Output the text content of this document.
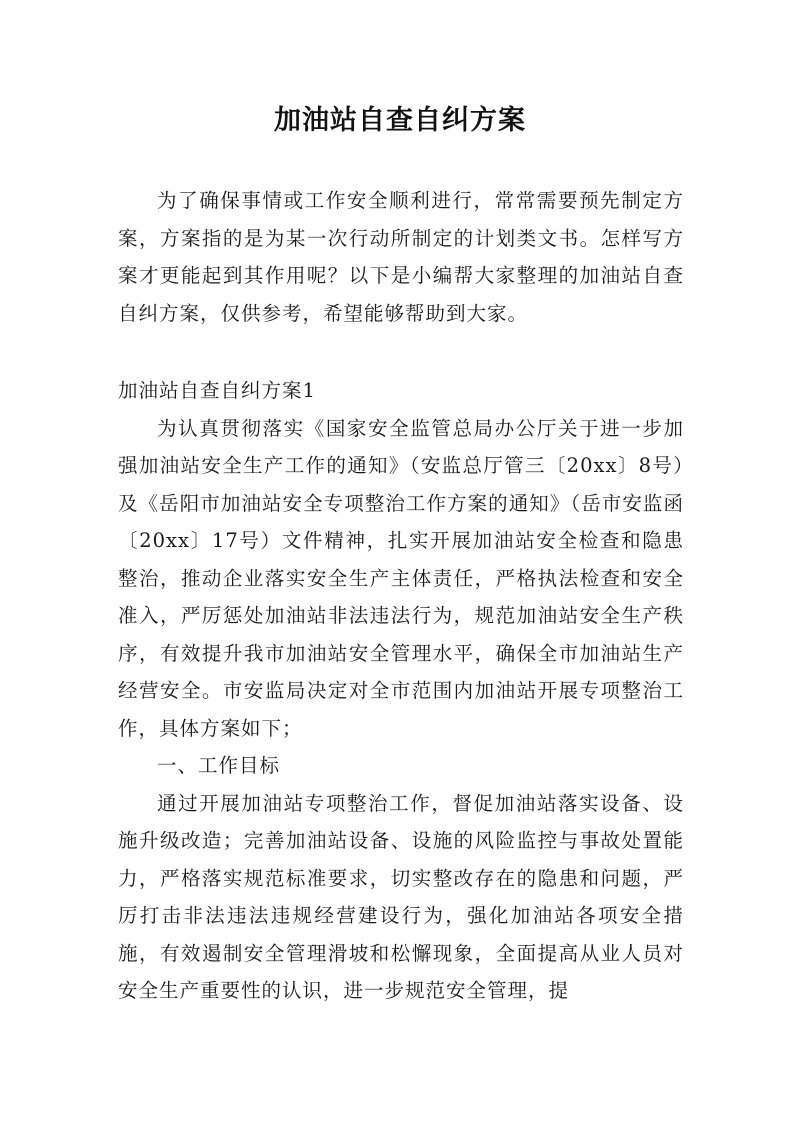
加油站自查自纠方案

为了确保事情或工作安全顺利进行，常常需要预先制定方案，方案指的是为某一次行动所制定的计划类文书。怎样写方案才更能起到其作用呢？以下是小编帮大家整理的加油站自查自纠方案，仅供参考，希望能够帮助到大家。

加油站自查自纠方案1

为认真贯彻落实《国家安全监管总局办公厅关于进一步加强加油站安全生产工作的通知》（安监总厅管三〔20xx〕8号）及《岳阳市加油站安全专项整治工作方案的通知》（岳市安监函〔20xx〕17号）文件精神，扎实开展加油站安全检查和隐患整治，推动企业落实安全生产主体责任，严格执法检查和安全准入，严厉惩处加油站非法违法行为，规范加油站安全生产秩序，有效提升我市加油站安全管理水平，确保全市加油站生产经营安全。市安监局决定对全市范围内加油站开展专项整治工作，具体方案如下；

一、工作目标

通过开展加油站专项整治工作，督促加油站落实设备、设施升级改造；完善加油站设备、设施的风险监控与事故处置能力，严格落实规范标准要求，切实整改存在的隐患和问题，严厉打击非法违法违规经营建设行为，强化加油站各项安全措施，有效遏制安全管理滑坡和松懈现象，全面提高从业人员对安全生产重要性的认识，进一步规范安全管理，提
